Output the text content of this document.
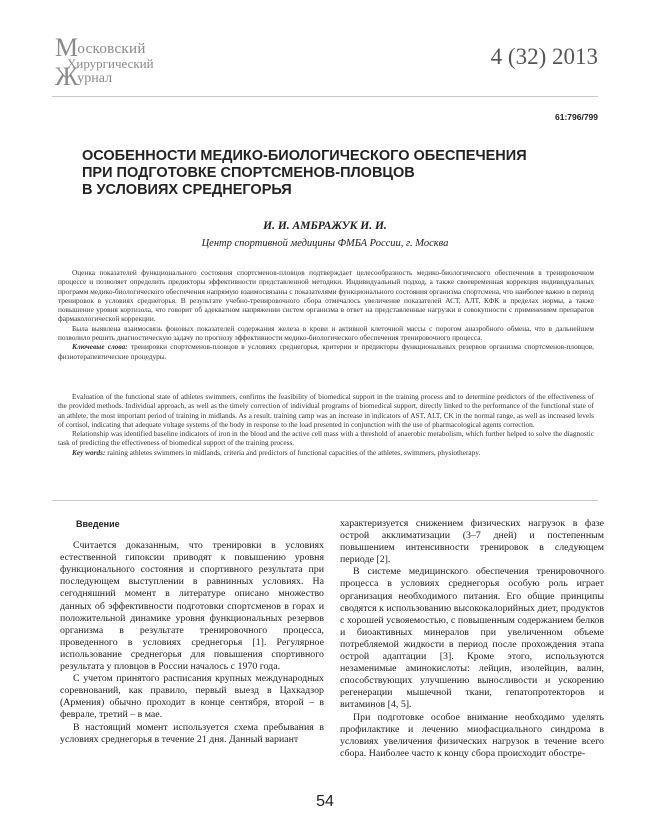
Московский
Хирургический
Журнал
4 (32) 2013
61:796/799
ОСОБЕННОСТИ МЕДИКО-БИОЛОГИЧЕСКОГО ОБЕСПЕЧЕНИЯ
ПРИ ПОДГОТОВКЕ СПОРТСМЕНОВ-ПЛОВЦОВ
В УСЛОВИЯХ СРЕДНЕГОРЬЯ
И. И. АМБРАЖУК И. И.
Центр спортивной медицины ФМБА России, г. Москва

Оценка показателей функционального состояния спортсменов-пловцов подтверждает целесообразность медико-биологического обеспечения в тренировочном процессе и позволяет определить предикторы эффективности представленной методики. Индивидуальный подход, а также своевременная коррекция индивидуальных программ медико-биологического обеспечения напрямую взаимосвязаны с показателями функционального состояния организма спортсмена, что наиболее важно в период тренировок в условиях среднегорья. В результате учебно-тренировочного сбора отмечалось увеличение показателей АСТ, АЛТ, КФК в пределах нормы, а также повышение уровня кортизола, что говорит об адекватном напряжении систем организма в ответ на представленные нагрузки в совокупности с применением препаратов фармакологической коррекции.

Была выявлена взаимосвязь фоновых показателей содержания железа в крови и активной клеточной массы с порогом анаэробного обмена, что в дальнейшем позволило решить диагностическую задачу по прогнозу эффективности медико-биологического обеспечения тренировочного процесса.

Ключевые слова: тренировки спортсменов-пловцов в условиях среднегорья, критерии и предикторы функциональных резервов организма спортсменов-пловцов, физиотерапевтические процедуры.

Evaluation of the functional state of athletes swimmers, confirms the feasibility of biomedical support in the training process and to determine predictors of the effectiveness of the provided methods. Individual approach, as well as the timely correction of individual programs of biomedical support, directly linked to the performance of the functional state of an athlete, the most important period of training in midlands. As a result. training camp was an increase in indicators of AST, ALT, CK in the normal range, as well as increased levels of cortisol, indicating that adequate voltage systems of the body in response to the load presented in conjunction with the use of pharmacological agents correction.

Relationship was identified baseline indicators of iron in the blood and the active cell mass with a threshold of anaerobic metabolism, which further helped to solve the diagnostic task of predicting the effectiveness of biomedical support of the training process.

Key words: raining athletes swimmers in midlands, criteria and predictors of functional capacities of the athletes, swimmers, physiotherapy.

Введение

Считается доказанным, что тренировки в условиях естественной гипоксии приводят к повышению уровня функционального состояния и спортивного результата при последующем выступлении в равнинных условиях. На сегодняшний момент в литературе описано множество данных об эффективности подготовки спортсменов в горах и положительной динамике уровня функциональных резервов организма в результате тренировочного процесса, проведенного в условиях среднегорья [1]. Регулярное использование среднегорья для повышения спортивного результата у пловцов в России началось с 1970 года.

С учетом принятого расписания крупных международных соревнований, как правило, первый выезд в Цахкадзор (Армения) обычно проходит в конце сентября, второй – в феврале, третий – в мае.

В настоящий момент используется схема пребывания в условиях среднегорья в течение 21 дня. Данный вариант

характеризуется снижением физических нагрузок в фазе острой акклиматизации (3–7 дней) и постепенным повышением интенсивности тренировок в следующем периоде [2].

В системе медицинского обеспечения тренировочного процесса в условиях среднегорья особую роль играет организация необходимого питания. Его общие принципы сводятся к использованию высококалорийных диет, продуктов с хорошей усвояемостью, с повышенным содержанием белков и биоактивных минералов при увеличенном объеме потребляемой жидкости в период после прохождения этапа острой адаптации [3]. Кроме этого, используются незаменимые аминокислоты: лейцин, изолейцин, валин, способствующих улучшению выносливости и ускорению регенерации мышечной ткани, гепатопротекторов и витаминов [4, 5].

При подготовке особое внимание необходимо уделять профилактике и лечению миофасциального синдрома в условиях увеличения физических нагрузок в течение всего сбора. Наиболее часто к концу сбора происходит обостре-

54
